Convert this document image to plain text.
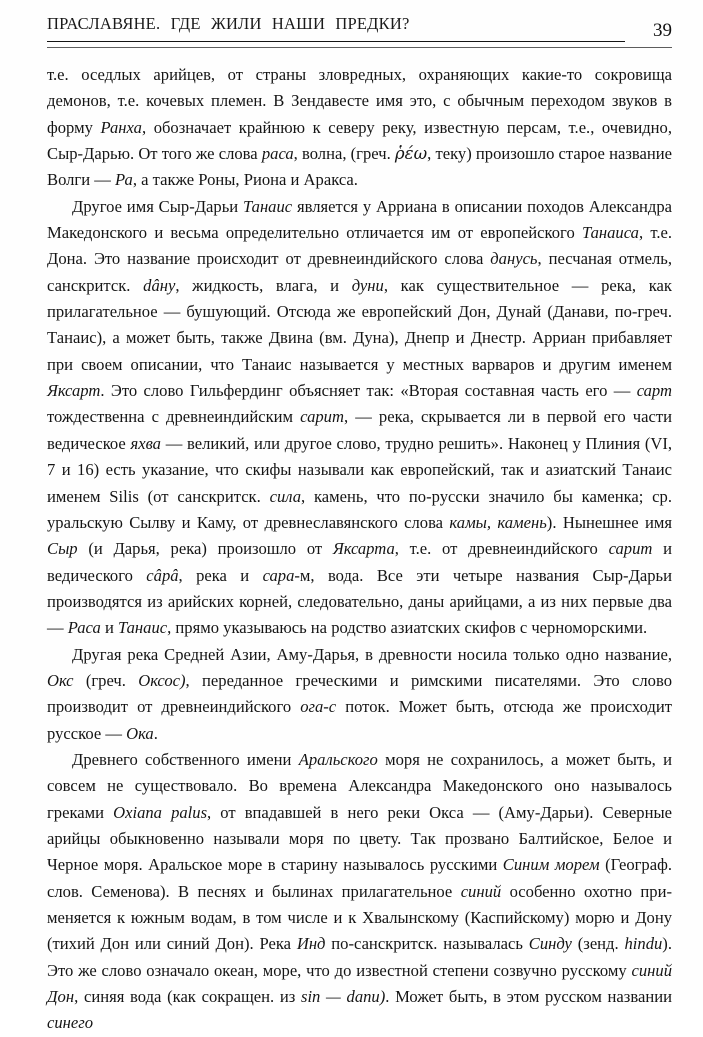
ПРАСЛАВЯНЕ. ГДЕ ЖИЛИ НАШИ ПРЕДКИ?	39

т.е. оседлых арийцев, от страны зловредных, охраняющих какие-то сокровища демонов, т.е. кочевых племен. В Зендавесте имя это, с обычным переходом звуков в форму Ранха, обозначает крайнюю к северу реку, известную персам, т.е., очевидно, Сыр-Дарью. От того же слова раса, волна, (греч. ῥέω, теку) произошло старое название Волги — Ра, а также Роны, Риона и Аракса.

Другое имя Сыр-Дарьи Танаис является у Арриана в описании походов Александра Македонского и весьма определительно отличается им от европейского Танаиса, т.е. Дона. Это название происходит от древнеиндийского слова данусь, песчаная отмель, санскритск. dâну, жидкость, влага, и дуни, как существительное — река, как прилагательное — бушующий. Отсюда же европейский Дон, Дунай (Данави, по-греч. Танаис), а может быть, также Двина (вм. Дуна), Днепр и Днестр. Арриан прибавляет при своем описании, что Танаис называется у местных варваров и другим именем Яксарт. Это слово Гильфердинг объясняет так: «Вторая составная часть его — сарт тождественна с древнеиндийским сарит, — река, скрывается ли в первой его части ведическое яхва — великий, или другое слово, трудно решить». Наконец у Плиния (VI, 7 и 16) есть указание, что скифы называли как европейский, так и азиатский Танаис именем Silis (от санскритск. сила, камень, что по-русски значило бы каменка; ср. уральскую Сылву и Каму, от древнеславянского слова камы, камень). Нынешнее имя Сыр (и Дарья, река) произошло от Яксарта, т.е. от древнеиндийского сарит и ведического câpâ, река и сара-м, вода. Все эти четыре названия Сыр-Дарьи производятся из арийских корней, следовательно, даны арийцами, а из них первые два — Раса и Танаис, прямо указываюсь на родство азиатских скифов с черноморскими.

Другая река Средней Азии, Аму-Дарья, в древности носила только одно название, Окс (греч. Оксос), переданное греческими и римскими писателями. Это слово производит от древнеиндийского ога-с поток. Может быть, отсюда же происходит русское — Ока.

Древнего собственного имени Аральского моря не сохранилось, а может быть, и совсем не существовало. Во времена Александра Македонского оно называлось греками Oxiana palus, от впадавшей в него реки Окса — (Аму-Дарьи). Северные арийцы обыкновенно называли моря по цвету. Так прозвано Балтийское, Белое и Черное моря. Аральское море в старину называлось русскими Синим морем (Географ. слов. Семенова). В песнях и былинах прилагательное синий особенно охотно применяется к южным водам, в том числе и к Хвалынскому (Каспийскому) морю и Дону (тихий Дон или синий Дон). Река Инд по-санскритск. называлась Синду (зенд. hindu). Это же слово означало океан, море, что до известной степени созвучно русскому синий Дон, синяя вода (как сокращен. из sin — danu). Может быть, в этом русском названии синего
